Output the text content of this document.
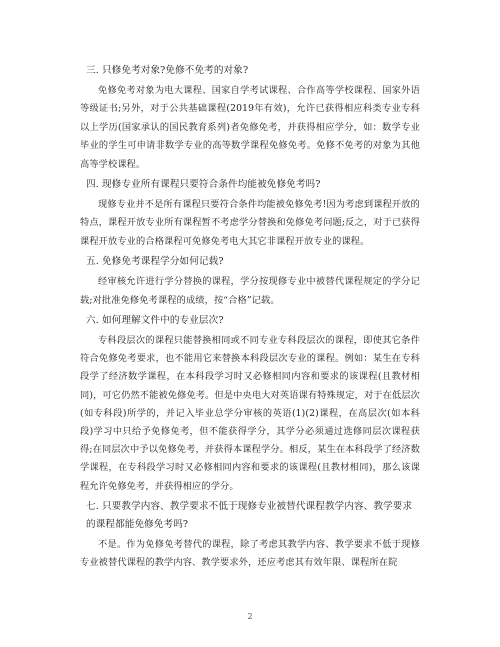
三. 只修免考对象?免修不免考的对象?

免修免考对象为电大课程、国家自学考试课程、合作高等学校课程、国家外语等级证书;另外，对于公共基础课程(2019年有效)，允许已获得相应科类专业专科以上学历(国家承认的国民教育系列)者免修免考，并获得相应学分，如：数学专业毕业的学生可申请非数学专业的高等数学课程免修免考。免修不免考的对象为其他高等学校课程。

四. 现修专业所有课程只要符合条件均能被免修免考吗?

现修专业并不是所有课程只要符合条件均能被免修免考!因为考虑到课程开放的特点，课程开放专业所有课程暂不考虑学分替换和免修免考问题;反之，对于已获得课程开放专业的合格课程可免修免考电大其它非课程开放专业的课程。

五. 免修免考课程学分如何记载?

经审核允许进行学分替换的课程，学分按现修专业中被替代课程规定的学分记载;对批准免修免考课程的成绩，按“合格”记载。

六. 如何理解文件中的专业层次?

专科段层次的课程只能替换相同或不同专业专科段层次的课程，即使其它条件符合免修免考要求，也不能用它来替换本科段层次专业的课程。例如：某生在专科段学了经济数学课程，在本科段学习时又必修相同内容和要求的该课程(且教材相同)，可它仍然不能被免修免考。但是中央电大对英语课有特殊规定，对于在低层次(如专科段)所学的，并记入毕业总学分审核的英语(1)(2)课程，在高层次(如本科段)学习中只给予免修免考，但不能获得学分，其学分必须通过选修同层次课程获得;在同层次中予以免修免考，并获得本课程学分。相反，某生在本科段学了经济数学课程，在专科段学习时又必修相同内容和要求的该课程(且教材相同)，那么该课程允许免修免考，并获得相应的学分。

七. 只要教学内容、教学要求不低于现修专业被替代课程教学内容、教学要求的课程都能免修免考吗?

不是。作为免修免考替代的课程，除了考虑其教学内容、教学要求不低于现修专业被替代课程的教学内容、教学要求外，还应考虑其有效年限、课程所在院

2
